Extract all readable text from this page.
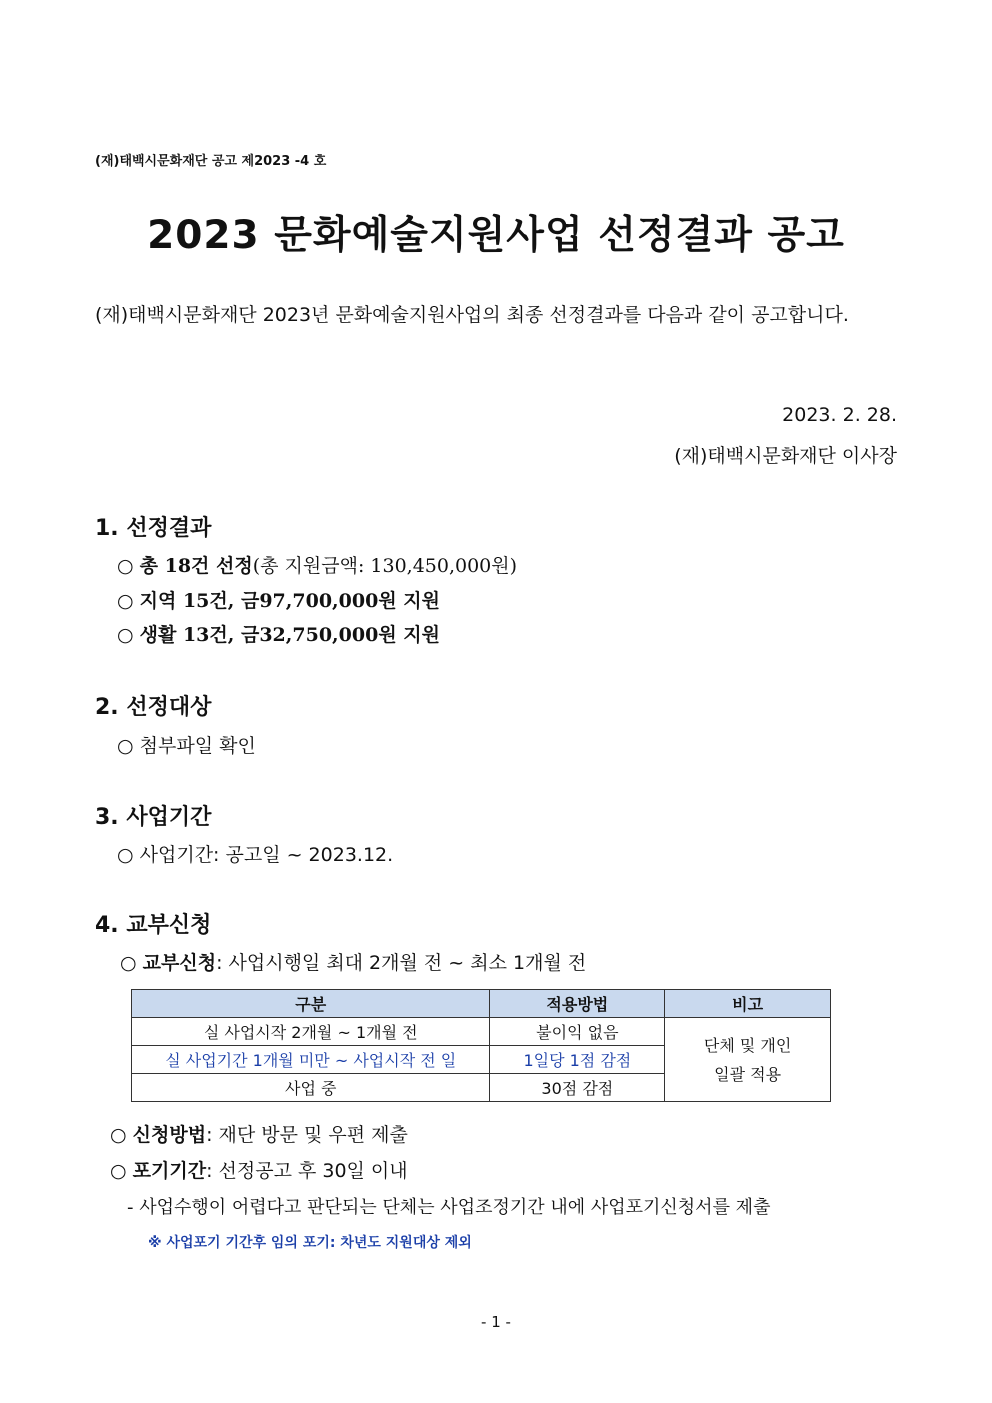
(재)태백시문화재단 공고 제2023 -4 호
2023 문화예술지원사업 선정결과 공고
(재)태백시문화재단 2023년 문화예술지원사업의 최종 선정결과를 다음과 같이 공고합니다.
2023. 2. 28.
(재)태백시문화재단 이사장
1. 선정결과
○ 총 18건 선정(총 지원금액: 130,450,000원)
○ 지역 15건, 금97,700,000원 지원
○ 생활 13건, 금32,750,000원 지원
2. 선정대상
○ 첨부파일 확인
3. 사업기간
○ 사업기간: 공고일 ~ 2023.12.
4. 교부신청
○ 교부신청: 사업시행일 최대 2개월 전 ~ 최소 1개월 전
구분	적용방법	비고
실 사업시작 2개월 ~ 1개월 전	불이익 없음	단체 및 개인
일괄 적용

실 사업기간 1개월 미만 ~ 사업시작 전 일	1일당 1점 감점	
사업 중	30점 감점	
○ 신청방법: 재단 방문 및 우편 제출
○ 포기기간: 선정공고 후 30일 이내
- 사업수행이 어렵다고 판단되는 단체는 사업조정기간 내에 사업포기신청서를 제출
※ 사업포기 기간후 임의 포기: 차년도 지원대상 제외
- 1 -
